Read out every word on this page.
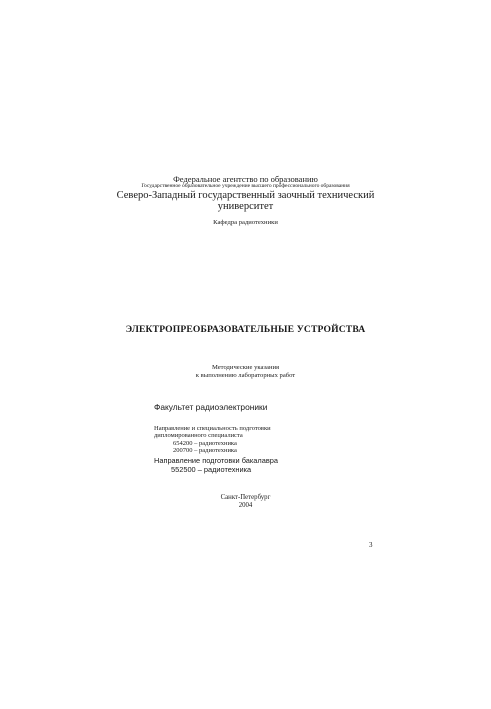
Федеральное агентство по образованию
Государственное образовательное учреждение высшего профессионального образования
Северо-Западный государственный заочный технический
университет
Кафедра радиотехники
ЭЛЕКТРОПРЕОБРАЗОВАТЕЛЬНЫЕ УСТРОЙСТВА
Методические указания
к выполнению лабораторных работ
Факультет радиоэлектроники
Направление и специальность подготовки
дипломированного специалиста
654200 – радиотехника
200700 – радиотехника
Направление подготовки бакалавра
552500 – радиотехника
Санкт-Петербург
2004
3
